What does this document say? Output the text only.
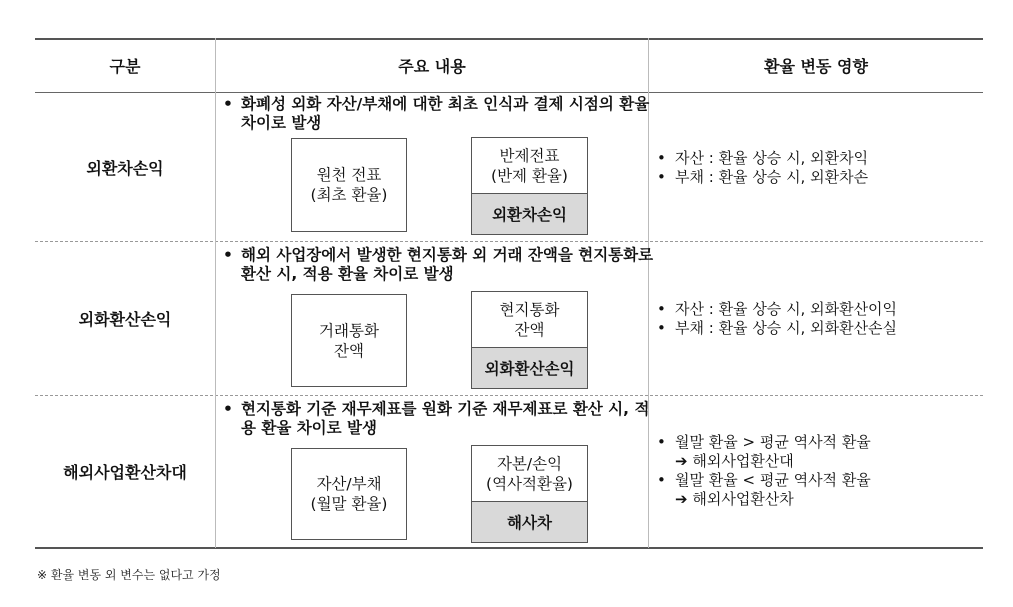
구분	주요 내용	환율 변동 영향
외환차손익
• 화폐성 외화 자산/부채에 대한 최초 인식과 결제 시점의 환율 차이로 발생
원천 전표
(최초 환율)
반제전표
(반제 환율)
외환차손익
• 자산 : 환율 상승 시, 외환차익
• 부채 : 환율 상승 시, 외환차손
외화환산손익
• 해외 사업장에서 발생한 현지통화 외 거래 잔액을 현지통화로 환산 시, 적용 환율 차이로 발생
거래통화
잔액
현지통화
잔액
외화환산손익
• 자산 : 환율 상승 시, 외화환산이익
• 부채 : 환율 상승 시, 외화환산손실
해외사업환산차대
• 현지통화 기준 재무제표를 원화 기준 재무제표로 환산 시, 적용 환율 차이로 발생
자산/부채
(월말 환율)
자본/손익
(역사적환율)
해사차
• 월말 환율 > 평균 역사적 환율
➔ 해외사업환산대
• 월말 환율 < 평균 역사적 환율
➔ 해외사업환산차
※ 환율 변동 외 변수는 없다고 가정
